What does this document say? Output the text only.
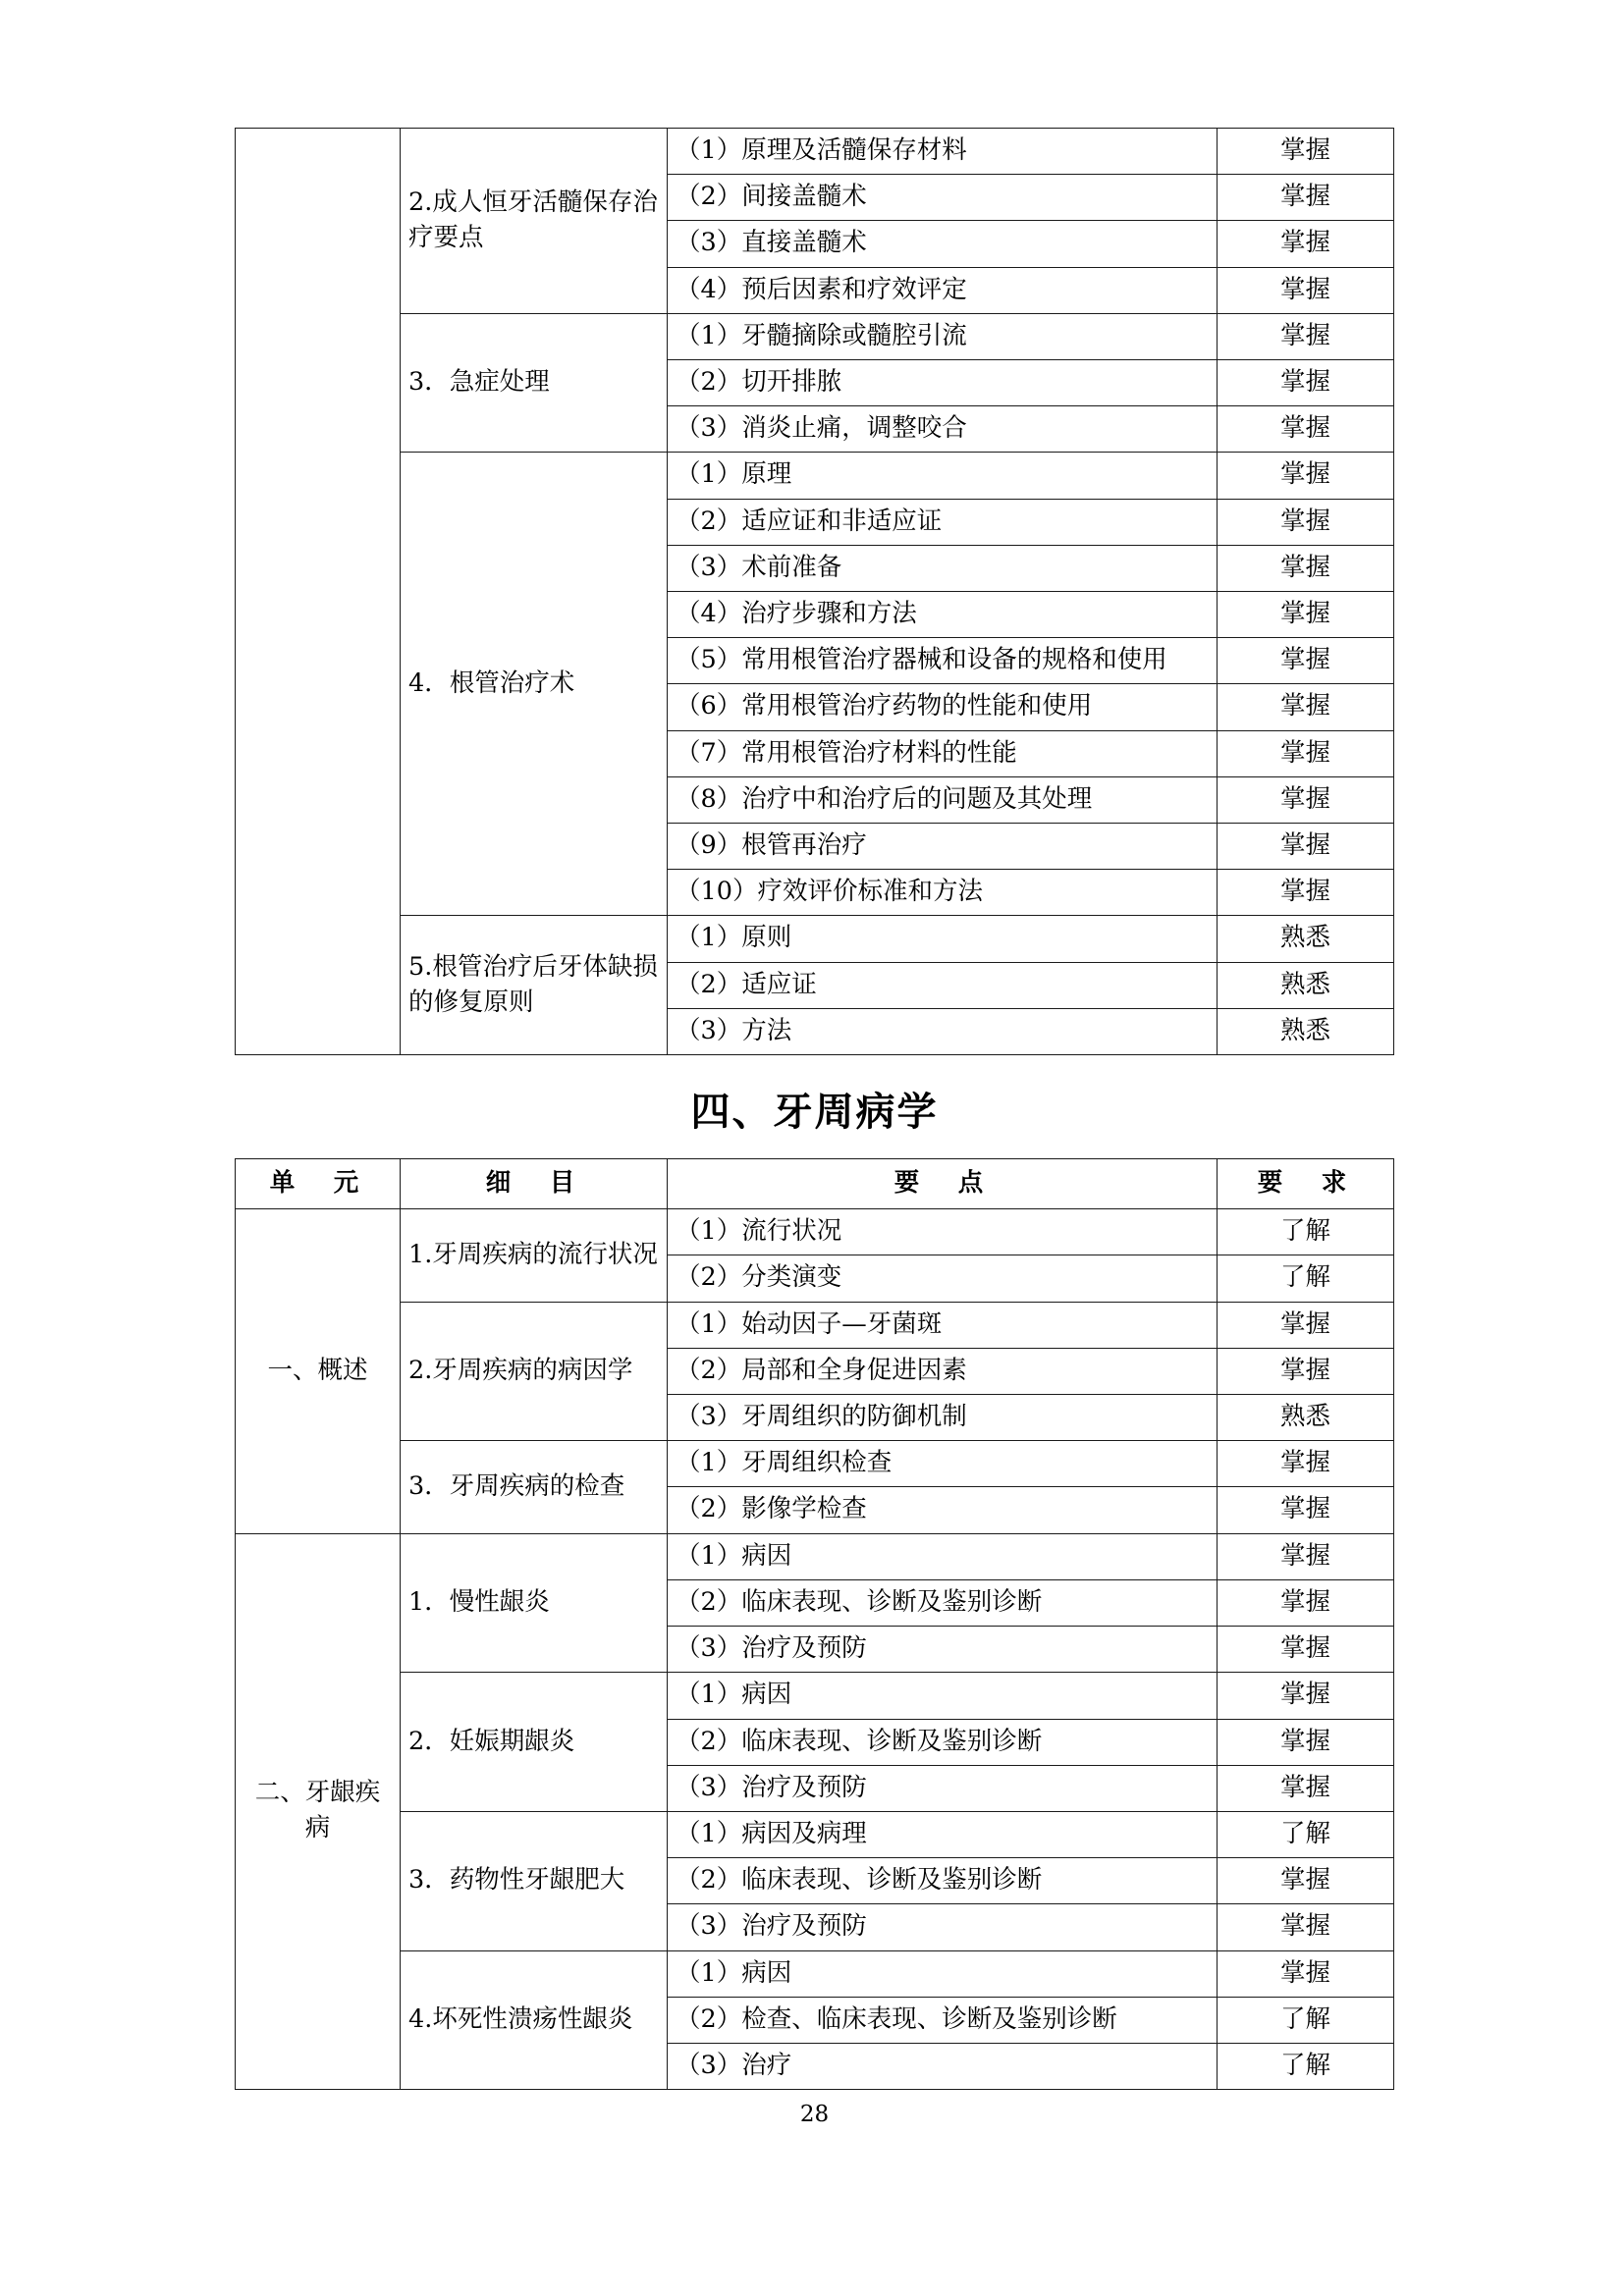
	2.成人恒牙活髓保存治疗要点	（1）原理及活髓保存材料	掌握
		（2）间接盖髓术	掌握
		（3）直接盖髓术	掌握
		（4）预后因素和疗效评定	掌握
	3．急症处理	（1）牙髓摘除或髓腔引流	掌握
		（2）切开排脓	掌握
		（3）消炎止痛，调整咬合	掌握
	4．根管治疗术	（1）原理	掌握
		（2）适应证和非适应证	掌握
		（3）术前准备	掌握
		（4）治疗步骤和方法	掌握
		（5）常用根管治疗器械和设备的规格和使用	掌握
		（6）常用根管治疗药物的性能和使用	掌握
		（7）常用根管治疗材料的性能	掌握
		（8）治疗中和治疗后的问题及其处理	掌握
		（9）根管再治疗	掌握
		（10）疗效评价标准和方法	掌握
	5.根管治疗后牙体缺损的修复原则	（1）原则	熟悉
		（2）适应证	熟悉
		（3）方法	熟悉
四、牙周病学
单　元	细　目	要　点	要　求
一、概述	1.牙周疾病的流行状况	（1）流行状况	了解
		（2）分类演变	了解
	2.牙周疾病的病因学	（1）始动因子—牙菌斑	掌握
		（2）局部和全身促进因素	掌握
		（3）牙周组织的防御机制	熟悉
	3．牙周疾病的检查	（1）牙周组织检查	掌握
		（2）影像学检查	掌握
二、牙龈疾病	1．慢性龈炎	（1）病因	掌握
		（2）临床表现、诊断及鉴别诊断	掌握
		（3）治疗及预防	掌握
	2．妊娠期龈炎	（1）病因	掌握
		（2）临床表现、诊断及鉴别诊断	掌握
		（3）治疗及预防	掌握
	3．药物性牙龈肥大	（1）病因及病理	了解
		（2）临床表现、诊断及鉴别诊断	掌握
		（3）治疗及预防	掌握
	4.坏死性溃疡性龈炎	（1）病因	掌握
		（2）检查、临床表现、诊断及鉴别诊断	了解
		（3）治疗	了解
28
